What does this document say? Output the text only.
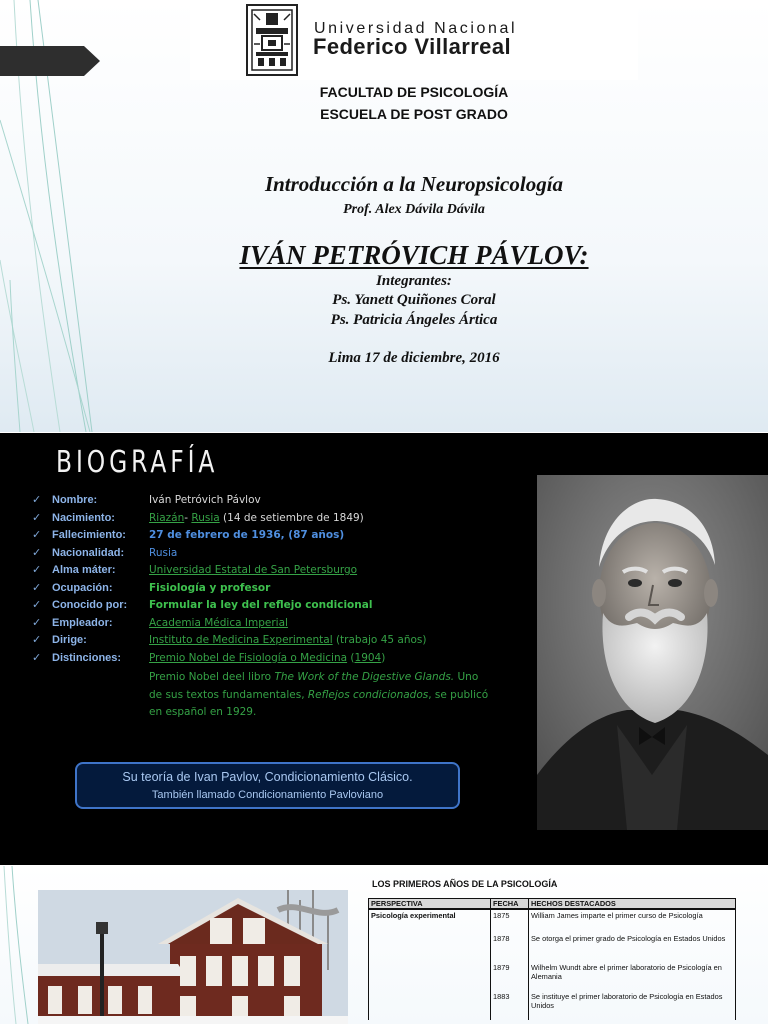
Universidad Nacional
Federico Villarreal
FACULTAD DE PSICOLOGÍA
ESCUELA DE POST GRADO
Introducción a la Neuropsicología
Prof. Alex Dávila Dávila
IVÁN PETRÓVICH PÁVLOV:
Integrantes:
Ps. Yanett Quiñones Coral
Ps. Patricia Ángeles Ártica
Lima 17 de diciembre, 2016
BIOGRAFÍA
✓ Nombre:	Iván Petróvich Pávlov
✓ Nacimiento:	Riazán- Rusia (14 de setiembre de 1849)
✓ Fallecimiento: 27 de febrero de 1936, (87 años)
✓ Nacionalidad: Rusia
✓ Alma máter:	Universidad Estatal de San Petersburgo
✓ Ocupación:	Fisiología y profesor
✓ Conocido por: Formular la ley del reflejo condicional
✓ Empleador:	Academia Médica Imperial
✓ Dirige:	Instituto de Medicina Experimental (trabajo 45 años)
✓ Distinciones:	Premio Nobel de Fisiología o Medicina (1904)
Premio Nobel deel libro The Work of the Digestive Glands. Uno de sus textos fundamentales, Reflejos condicionados, se publicó en español en 1929.
Su teoría de Ivan Pavlov, Condicionamiento Clásico.
También llamado Condicionamiento Pavloviano
LOS PRIMEROS AÑOS DE LA PSICOLOGÍA
PERSPECTIVA	FECHA	HECHOS DESTACADOS
Psicología experimental	1875	William James imparte el primer curso de Psicología
	1878	Se otorga el primer grado de Psicología en Estados Unidos
	1879	Wilhelm Wundt abre el primer laboratorio de Psicología en Alemania
	1883	Se instituye el primer laboratorio de Psicología en Estados Unidos
